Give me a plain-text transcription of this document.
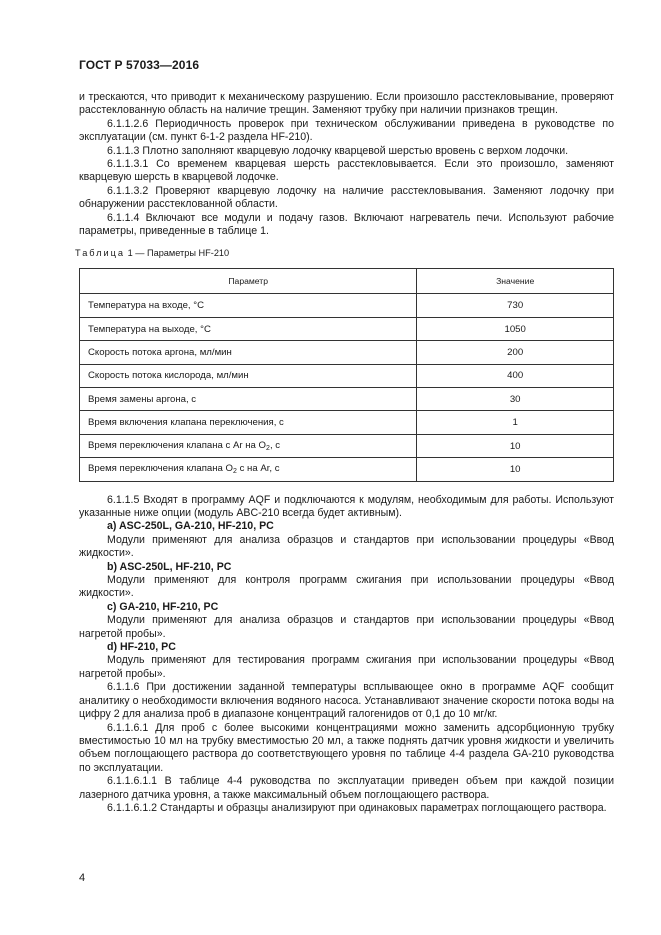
ГОСТ Р 57033—2016

и трескаются, что приводит к механическому разрушению. Если произошло расстекловывание, проверяют расстеклованную область на наличие трещин. Заменяют трубку при наличии признаков трещин.

6.1.1.2.6 Периодичность проверок при техническом обслуживании приведена в руководстве по эксплуатации (см. пункт 6-1-2 раздела HF-210).

6.1.1.3 Плотно заполняют кварцевую лодочку кварцевой шерстью вровень с верхом лодочки.

6.1.1.3.1 Со временем кварцевая шерсть расстекловывается. Если это произошло, заменяют кварцевую шерсть в кварцевой лодочке.

6.1.1.3.2 Проверяют кварцевую лодочку на наличие расстекловывания. Заменяют лодочку при обнаружении расстеклованной области.

6.1.1.4 Включают все модули и подачу газов. Включают нагреватель печи. Используют рабочие параметры, приведенные в таблице 1.

Таблица 1 — Параметры HF-210
Параметр	Значение
Температура на входе, °С	730
Температура на выходе, °С	1050
Скорость потока аргона, мл/мин	200
Скорость потока кислорода, мл/мин	400
Время замены аргона, с	30
Время включения клапана переключения, с	1
Время переключения клапана с Ar на $O_2$, с	10
Время переключения клапана $O_2$ с на Ar, с	10

6.1.1.5 Входят в программу AQF и подключаются к модулям, необходимым для работы. Используют указанные ниже опции (модуль ABC-210 всегда будет активным).

a) ASC-250L, GA-210, HF-210, PC

Модули применяют для анализа образцов и стандартов при использовании процедуры «Ввод жидкости».

b) ASC-250L, HF-210, PC

Модули применяют для контроля программ сжигания при использовании процедуры «Ввод жидкости».

c) GA-210, HF-210, PC

Модули применяют для анализа образцов и стандартов при использовании процедуры «Ввод нагретой пробы».

d) HF-210, PC

Модуль применяют для тестирования программ сжигания при использовании процедуры «Ввод нагретой пробы».

6.1.1.6 При достижении заданной температуры всплывающее окно в программе AQF сообщит аналитику о необходимости включения водяного насоса. Устанавливают значение скорости потока воды на цифру 2 для анализа проб в диапазоне концентраций галогенидов от 0,1 до 10 мг/кг.

6.1.1.6.1 Для проб с более высокими концентрациями можно заменить адсорбционную трубку вместимостью 10 мл на трубку вместимостью 20 мл, а также поднять датчик уровня жидкости и увеличить объем поглощающего раствора до соответствующего уровня по таблице 4-4 раздела GA-210 руководства по эксплуатации.

6.1.1.6.1.1 В таблице 4-4 руководства по эксплуатации приведен объем при каждой позиции лазерного датчика уровня, а также максимальный объем поглощающего раствора.

6.1.1.6.1.2 Стандарты и образцы анализируют при одинаковых параметрах поглощающего раствора.

4
